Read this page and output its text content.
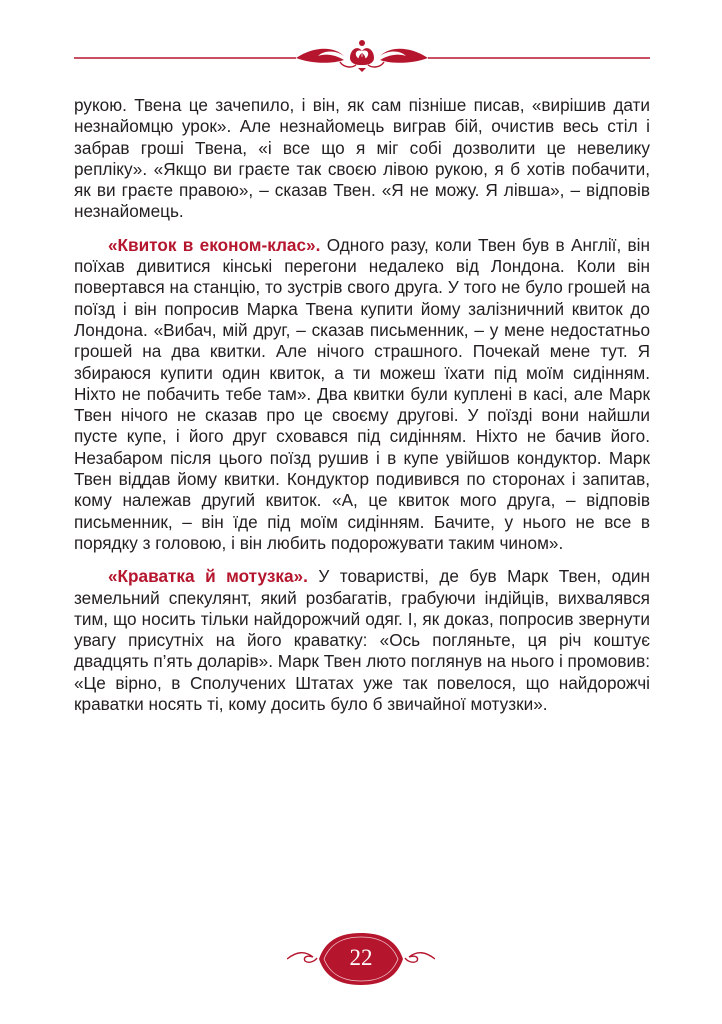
рукою. Твена це зачепило, і він, як сам пізніше писав, «вирішив дати незнайомцю урок». Але незнайомець виграв бій, очистив весь стіл і забрав гроші Твена, «і все що я міг собі дозволити це невелику репліку». «Якщо ви граєте так своєю лівою рукою, я б хотів побачити, як ви граєте правою», – сказав Твен. «Я не можу. Я лівша», – відповів незнайомець.

«Квиток в економ-клас». Одного разу, коли Твен був в Англії, він поїхав дивитися кінські перегони недалеко від Лондона. Коли він повертався на станцію, то зустрів свого друга. У того не було грошей на поїзд і він попросив Марка Твена купити йому залізничний квиток до Лондона. «Вибач, мій друг, – сказав письменник, – у мене недостатньо грошей на два квитки. Але нічого страшного. Почекай мене тут. Я збираюся купити один квиток, а ти можеш їхати під моїм сидінням. Ніхто не побачить тебе там». Два квитки були куплені в касі, але Марк Твен нічого не сказав про це своєму другові. У поїзді вони найшли пусте купе, і його друг сховався під сидінням. Ніхто не бачив його. Незабаром після цього поїзд рушив і в купе увійшов кондуктор. Марк Твен віддав йому квитки. Кондуктор подивився по сторонах і запитав, кому належав другий квиток. «А, це квиток мого друга, – відповів письменник, – він їде під моїм сидінням. Бачите, у нього не все в порядку з головою, і він любить подорожувати таким чином».

«Краватка й мотузка». У товаристві, де був Марк Твен, один земельний спекулянт, який розбагатів, грабуючи індійців, вихвалявся тим, що носить тільки найдорожчий одяг. І, як доказ, попросив звернути увагу присутніх на його краватку: «Ось погляньте, ця річ коштує двадцять п’ять доларів». Марк Твен люто поглянув на нього і промовив: «Це вірно, в Сполучених Штатах уже так повелося, що найдорожчі краватки носять ті, кому досить було б звичайної мотузки».

22
